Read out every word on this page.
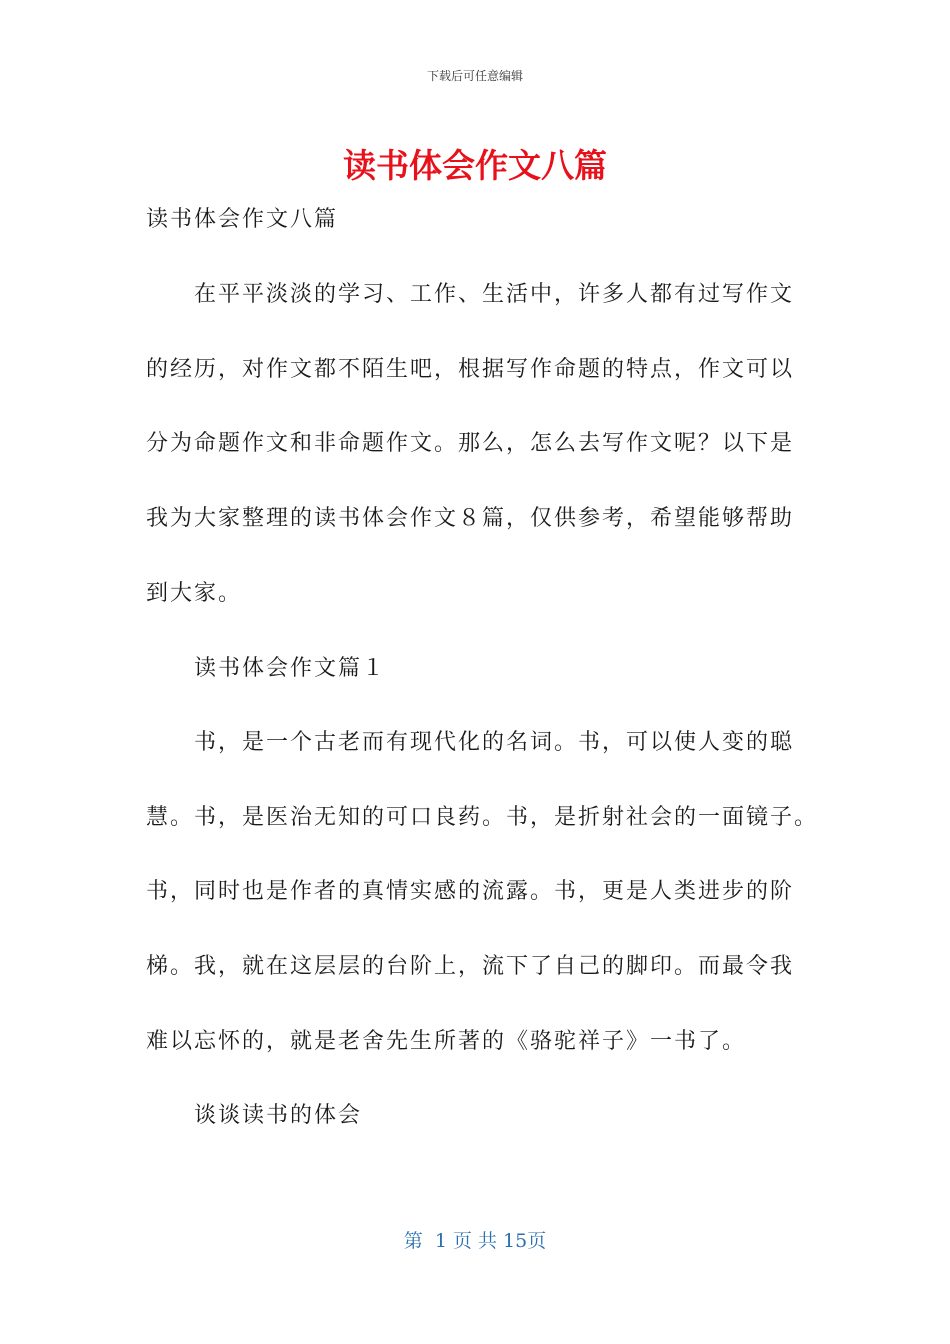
下载后可任意编辑
读书体会作文八篇
读书体会作文八篇
在平平淡淡的学习、工作、生活中，许多人都有过写作文
的经历，对作文都不陌生吧，根据写作命题的特点，作文可以
分为命题作文和非命题作文。那么，怎么去写作文呢？以下是
我为大家整理的读书体会作文８篇，仅供参考，希望能够帮助
到大家。
读书体会作文篇１
书，是一个古老而有现代化的名词。书，可以使人变的聪
慧。书，是医治无知的可口良药。书，是折射社会的一面镜子。
书，同时也是作者的真情实感的流露。书，更是人类进步的阶
梯。我，就在这层层的台阶上，流下了自己的脚印。而最令我
难以忘怀的，就是老舍先生所著的《骆驼祥子》一书了。
谈谈读书的体会
第  1 页 共 15页
